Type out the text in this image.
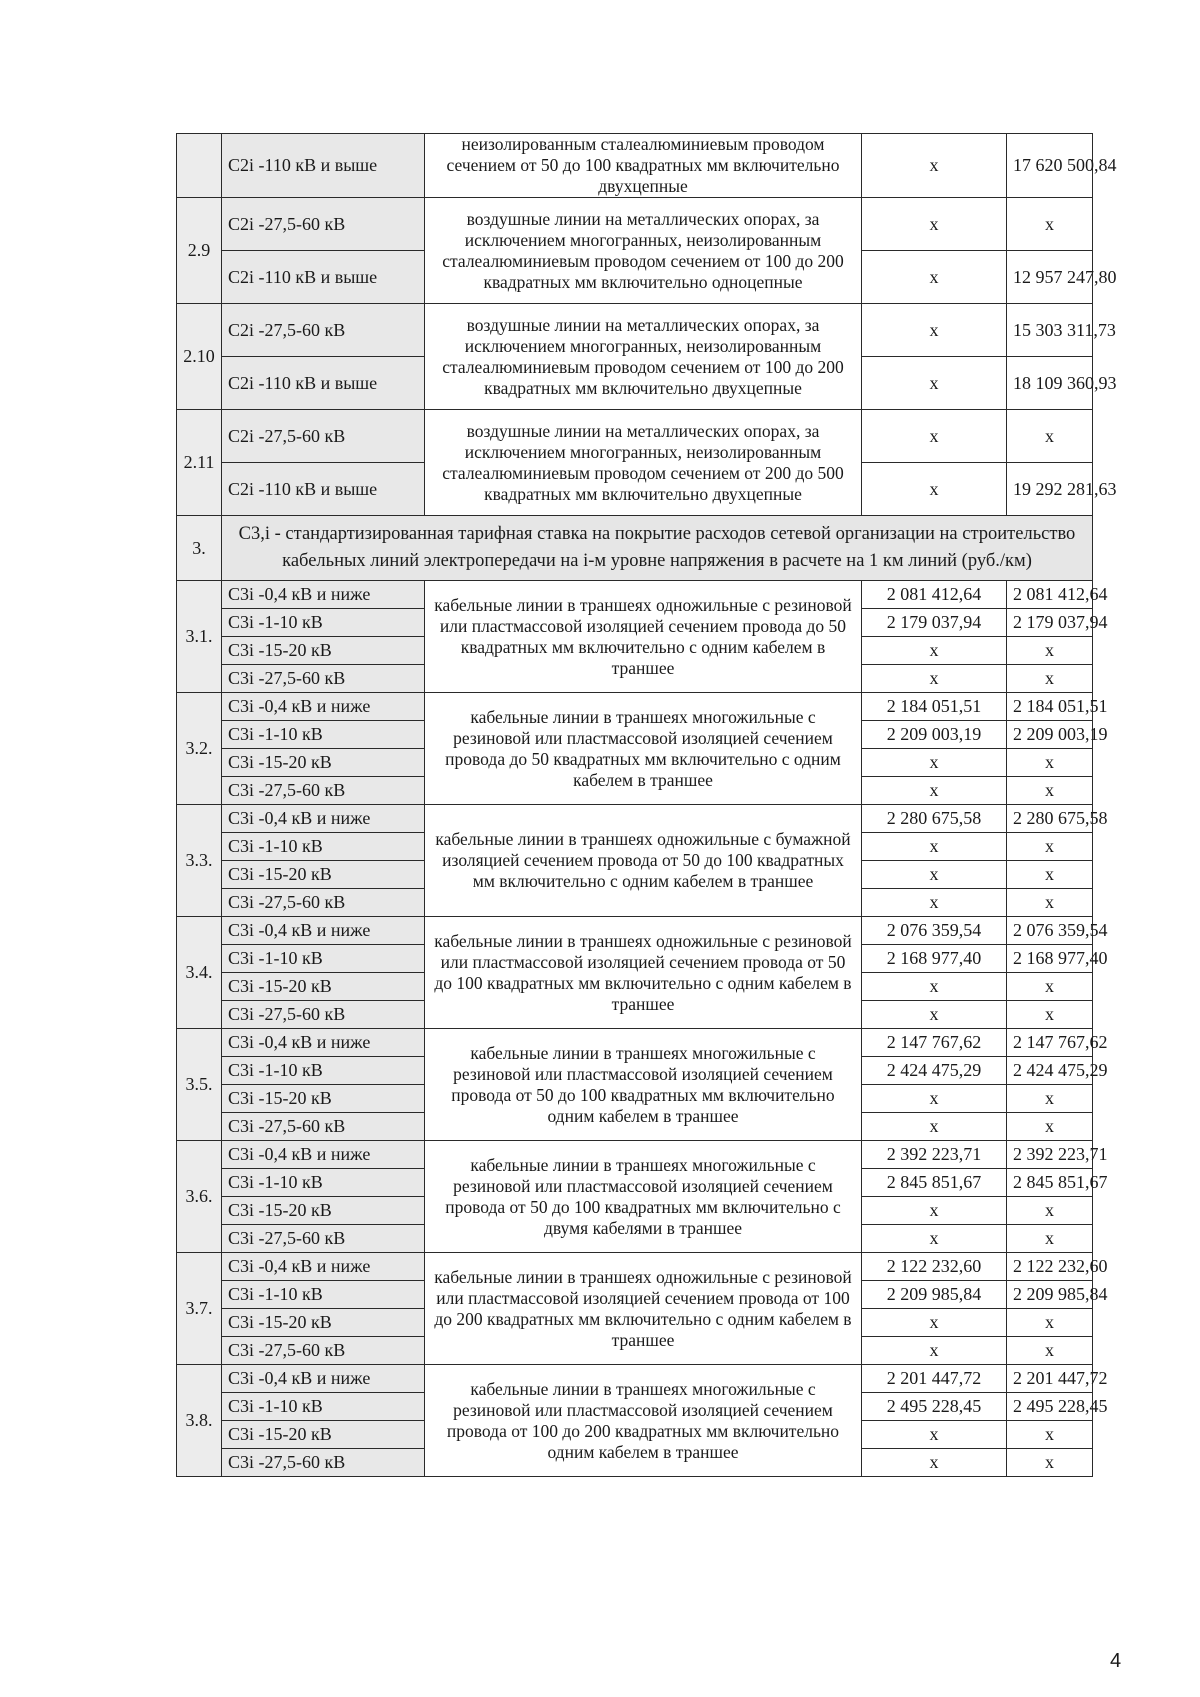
	C2i -110 кВ и выше	неизолированным сталеалюминиевым проводом сечением от 50 до 100 квадратных мм включительно двухцепные	х	17 620 500,84
2.9	C2i -27,5-60 кВ	воздушные линии на металлических опорах, за исключением многогранных, неизолированным сталеалюминиевым проводом сечением от 100 до 200 квадратных мм включительно одноцепные	х	х
	C2i -110 кВ и выше		х	12 957 247,80
2.10	C2i -27,5-60 кВ	воздушные линии на металлических опорах, за исключением многогранных, неизолированным сталеалюминиевым проводом сечением от 100 до 200 квадратных мм включительно двухцепные	х	15 303 311,73
	C2i -110 кВ и выше		х	18 109 360,93
2.11	C2i -27,5-60 кВ	воздушные линии на металлических опорах, за исключением многогранных, неизолированным сталеалюминиевым проводом сечением от 200 до 500 квадратных мм включительно двухцепные	х	х
	C2i -110 кВ и выше		х	19 292 281,63
3.	С3,i - стандартизированная тарифная ставка на покрытие расходов сетевой организации на строительство кабельных линий электропередачи на i-м уровне напряжения в расчете на 1 км линий (руб./км)			
3.1.	С3i -0,4 кВ и ниже	кабельные линии в траншеях одножильные с резиновой или пластмассовой изоляцией сечением провода до 50 квадратных мм включительно с одним кабелем в траншее	2 081 412,64	2 081 412,64
	С3i -1-10 кВ		2 179 037,94	2 179 037,94
	С3i -15-20 кВ		х	х
	С3i -27,5-60 кВ		х	х
3.2.	С3i -0,4 кВ и ниже	кабельные линии в траншеях многожильные с резиновой или пластмассовой изоляцией сечением провода до 50 квадратных мм включительно с одним кабелем в траншее	2 184 051,51	2 184 051,51
	С3i -1-10 кВ		2 209 003,19	2 209 003,19
	С3i -15-20 кВ		х	х
	С3i -27,5-60 кВ		х	х
3.3.	С3i -0,4 кВ и ниже	кабельные линии в траншеях одножильные с бумажной изоляцией сечением провода от 50 до 100 квадратных мм включительно с одним кабелем в траншее	2 280 675,58	2 280 675,58
	С3i -1-10 кВ		х	х
	С3i -15-20 кВ		х	х
	С3i -27,5-60 кВ		х	х
3.4.	С3i -0,4 кВ и ниже	кабельные линии в траншеях одножильные с резиновой или пластмассовой изоляцией сечением провода от 50 до 100 квадратных мм включительно с одним кабелем в траншее	2 076 359,54	2 076 359,54
	С3i -1-10 кВ		2 168 977,40	2 168 977,40
	С3i -15-20 кВ		х	х
	С3i -27,5-60 кВ		х	х
3.5.	С3i -0,4 кВ и ниже	кабельные линии в траншеях многожильные с резиновой или пластмассовой изоляцией сечением провода от 50 до 100 квадратных мм включительно одним кабелем в траншее	2 147 767,62	2 147 767,62
	С3i -1-10 кВ		2 424 475,29	2 424 475,29
	С3i -15-20 кВ		х	х
	С3i -27,5-60 кВ		х	х
3.6.	С3i -0,4 кВ и ниже	кабельные линии в траншеях многожильные с резиновой или пластмассовой изоляцией сечением провода от 50 до 100 квадратных мм включительно с двумя кабелями в траншее	2 392 223,71	2 392 223,71
	С3i -1-10 кВ		2 845 851,67	2 845 851,67
	С3i -15-20 кВ		х	х
	С3i -27,5-60 кВ		х	х
3.7.	С3i -0,4 кВ и ниже	кабельные линии в траншеях одножильные с резиновой или пластмассовой изоляцией сечением провода от 100 до 200 квадратных мм включительно с одним кабелем в траншее	2 122 232,60	2 122 232,60
	С3i -1-10 кВ		2 209 985,84	2 209 985,84
	С3i -15-20 кВ		х	х
	С3i -27,5-60 кВ		х	х
3.8.	С3i -0,4 кВ и ниже	кабельные линии в траншеях многожильные с резиновой или пластмассовой изоляцией сечением провода от 100 до 200 квадратных мм включительно одним кабелем в траншее	2 201 447,72	2 201 447,72
	С3i -1-10 кВ		2 495 228,45	2 495 228,45
	С3i -15-20 кВ		х	х
	С3i -27,5-60 кВ		х	х
4
